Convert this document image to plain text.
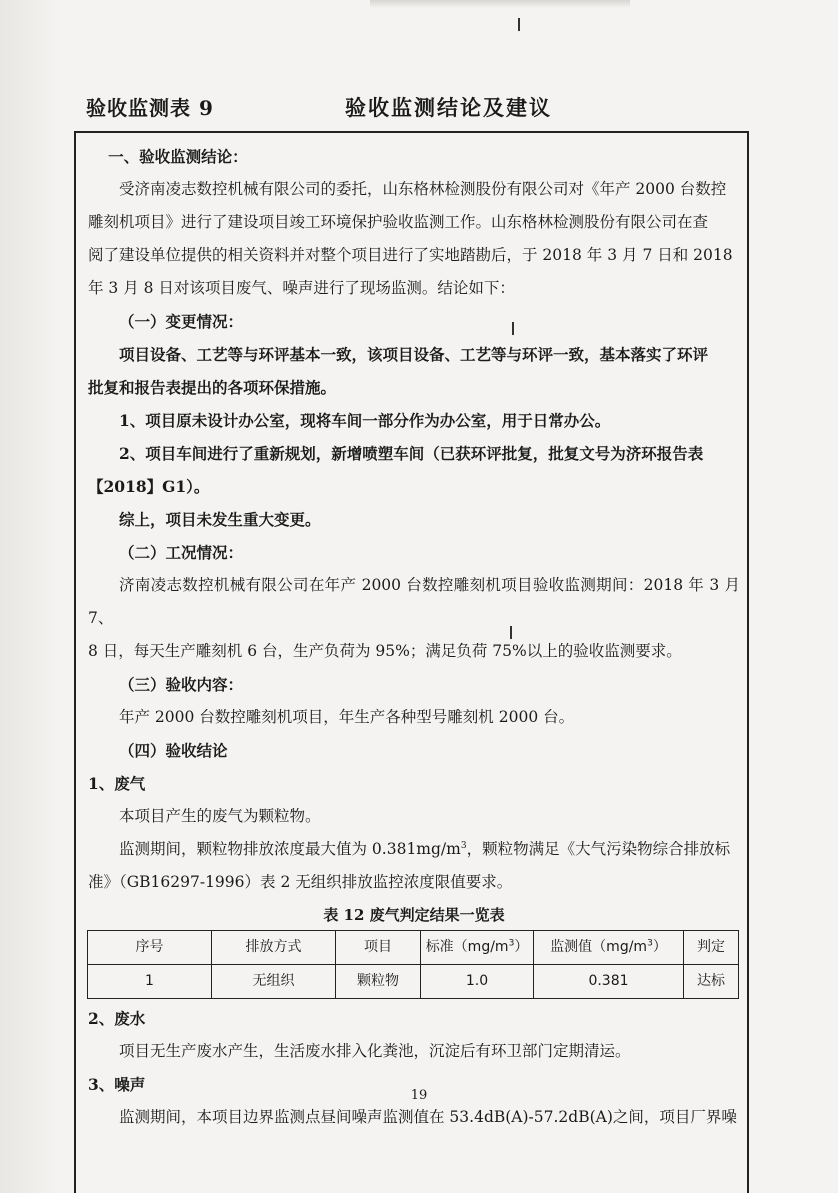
验收监测表 9	验收监测结论及建议

一、验收监测结论：

受济南凌志数控机械有限公司的委托，山东格林检测股份有限公司对《年产 2000 台数控

雕刻机项目》进行了建设项目竣工环境保护验收监测工作。山东格林检测股份有限公司在查

阅了建设单位提供的相关资料并对整个项目进行了实地踏勘后，于 2018 年 3 月 7 日和 2018

年 3 月 8 日对该项目废气、噪声进行了现场监测。结论如下：

（一）变更情况：

项目设备、工艺等与环评基本一致，该项目设备、工艺等与环评一致，基本落实了环评

批复和报告表提出的各项环保措施。

1、项目原未设计办公室，现将车间一部分作为办公室，用于日常办公。

2、项目车间进行了重新规划，新增喷塑车间（已获环评批复，批复文号为济环报告表

【2018】G1）。

综上，项目未发生重大变更。

（二）工况情况：

济南凌志数控机械有限公司在年产 2000 台数控雕刻机项目验收监测期间：2018 年 3 月 7、

8 日，每天生产雕刻机 6 台，生产负荷为 95%；满足负荷 75%以上的验收监测要求。

（三）验收内容：

年产 2000 台数控雕刻机项目，年生产各种型号雕刻机 2000 台。

（四）验收结论

1、废气

本项目产生的废气为颗粒物。

监测期间，颗粒物排放浓度最大值为 $0.381mg/m^3$，颗粒物满足《大气污染物综合排放标

准》（GB16297-1996）表 2 无组织排放监控浓度限值要求。

表 12 废气判定结果一览表
序号	排放方式	项目	标准$(mg/m^3)$	监测值$(mg/m^3)$	判定
1	无组织	颗粒物	1.0	0.381	达标

2、废水

项目无生产废水产生，生活废水排入化粪池，沉淀后有环卫部门定期清运。

3、噪声

监测期间，本项目边界监测点昼间噪声监测值在 53.4dB(A)-57.2dB(A)之间，项目厂界噪

19
